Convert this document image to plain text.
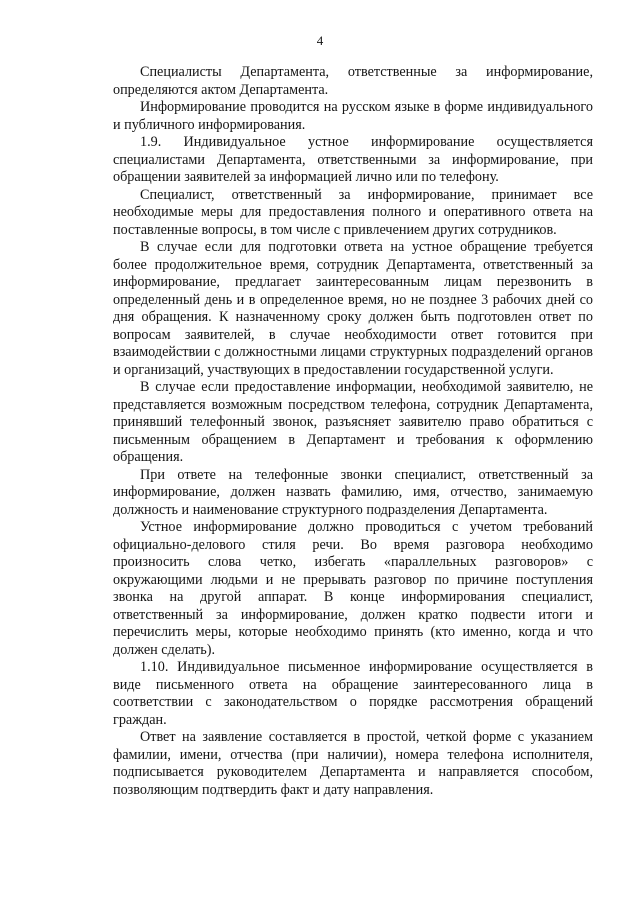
4

Специалисты Департамента, ответственные за информирование, определяются актом Департамента.

Информирование проводится на русском языке в форме индивидуального и публичного информирования.

1.9. Индивидуальное устное информирование осуществляется специалистами Департамента, ответственными за информирование, при обращении заявителей за информацией лично или по телефону.

Специалист, ответственный за информирование, принимает все необходимые меры для предоставления полного и оперативного ответа на поставленные вопросы, в том числе с привлечением других сотрудников.

В случае если для подготовки ответа на устное обращение требуется более продолжительное время, сотрудник Департамента, ответственный за информирование, предлагает заинтересованным лицам перезвонить в определенный день и в определенное время, но не позднее 3 рабочих дней со дня обращения. К назначенному сроку должен быть подготовлен ответ по вопросам заявителей, в случае необходимости ответ готовится при взаимодействии с должностными лицами структурных подразделений органов и организаций, участвующих в предоставлении государственной услуги.

В случае если предоставление информации, необходимой заявителю, не представляется возможным посредством телефона, сотрудник Департамента, принявший телефонный звонок, разъясняет заявителю право обратиться с письменным обращением в Департамент и требования к оформлению обращения.

При ответе на телефонные звонки специалист, ответственный за информирование, должен назвать фамилию, имя, отчество, занимаемую должность и наименование структурного подразделения Департамента.

Устное информирование должно проводиться с учетом требований официально-делового стиля речи. Во время разговора необходимо произносить слова четко, избегать «параллельных разговоров» с окружающими людьми и не прерывать разговор по причине поступления звонка на другой аппарат. В конце информирования специалист, ответственный за информирование, должен кратко подвести итоги и перечислить меры, которые необходимо принять (кто именно, когда и что должен сделать).

1.10. Индивидуальное письменное информирование осуществляется в виде письменного ответа на обращение заинтересованного лица в соответствии с законодательством о порядке рассмотрения обращений граждан.

Ответ на заявление составляется в простой, четкой форме с указанием фамилии, имени, отчества (при наличии), номера телефона исполнителя, подписывается руководителем Департамента и направляется способом, позволяющим подтвердить факт и дату направления.
